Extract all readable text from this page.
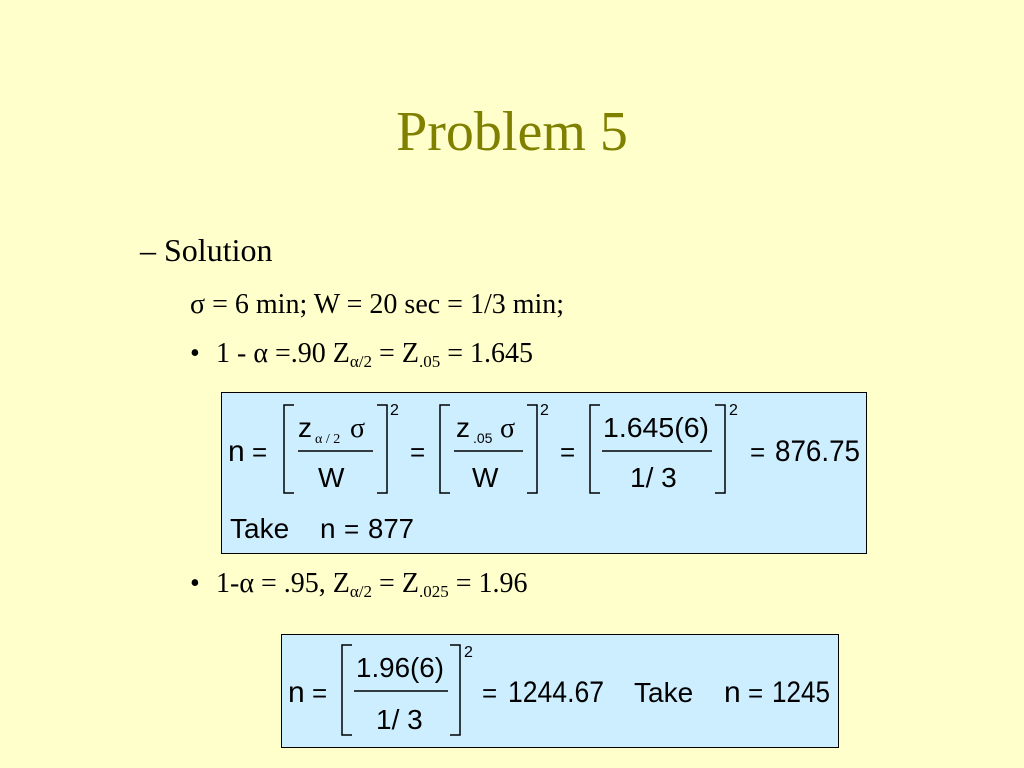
Problem 5
– Solution
σ = 6 min; W = 20 sec = 1/3 min;
• 1 - α =.90 $Z_{\alpha/2} = Z_{.05} = 1.645$
n =
z α / 2 σ
W
2
=
z .05 σ
W
2
=
1.645(6)
1/ 3
2
= 876.75
Take n = 877
• 1-α = .95, $Z_{\alpha/2} = Z_{.025} = 1.96$
n =
1.96(6)
1/ 3
2
= 1244.67 Take n = 1245
